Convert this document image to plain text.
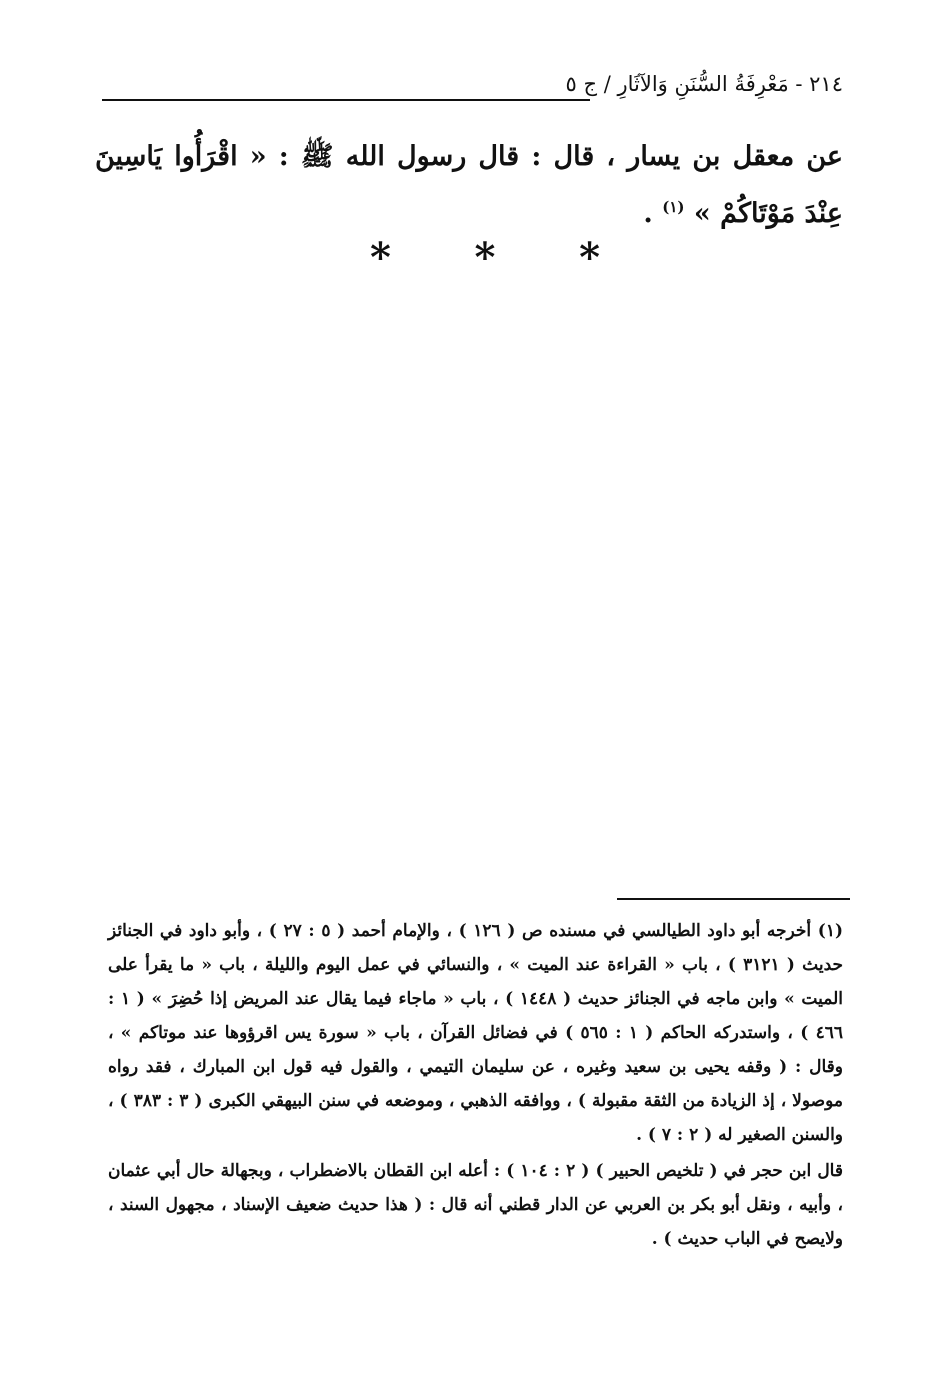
٢١٤ - مَعْرِفَةُ السُّنَنِ وَالآثَارِ / ج ٥
عن معقل بن يسار ، قال : قال رسول الله ﷺ : « اقْرَأُوا يَاسِينَ عِنْدَ مَوْتَاكُمْ » $^{(١)}$ .
* * *

(١) أخرجه أبو داود الطيالسي في مسنده ص ( ١٢٦ ) ، والإمام أحمد ( ٥ : ٢٧ ) ، وأبو داود في الجنائز حديث ( ٣١٢١ ) ، باب « القراءة عند الميت » ، والنسائي في عمل اليوم والليلة ، باب « ما يقرأ على الميت » وابن ماجه في الجنائز حديث ( ١٤٤٨ ) ، باب « ماجاء فيما يقال عند المريض إذا حُضِرَ » ( ١ : ٤٦٦ ) ، واستدركه الحاكم ( ١ : ٥٦٥ ) في فضائل القرآن ، باب « سورة يس اقرؤوها عند موتاكم » ، وقال : ( وقفه يحيى بن سعيد وغيره ، عن سليمان التيمي ، والقول فيه قول ابن المبارك ، فقد رواه موصولا ، إذ الزيادة من الثقة مقبولة ) ، ووافقه الذهبي ، وموضعه في سنن البيهقي الكبرى ( ٣ : ٣٨٣ ) ، والسنن الصغير له ( ٢ : ٧ ) .

قال ابن حجر في ( تلخيص الحبير ) ( ٢ : ١٠٤ ) : أعله ابن القطان بالاضطراب ، وبجهالة حال أبي عثمان ، وأبيه ، ونقل أبو بكر بن العربي عن الدار قطني أنه قال : ( هذا حديث ضعيف الإسناد ، مجهول السند ، ولايصح في الباب حديث ) .
